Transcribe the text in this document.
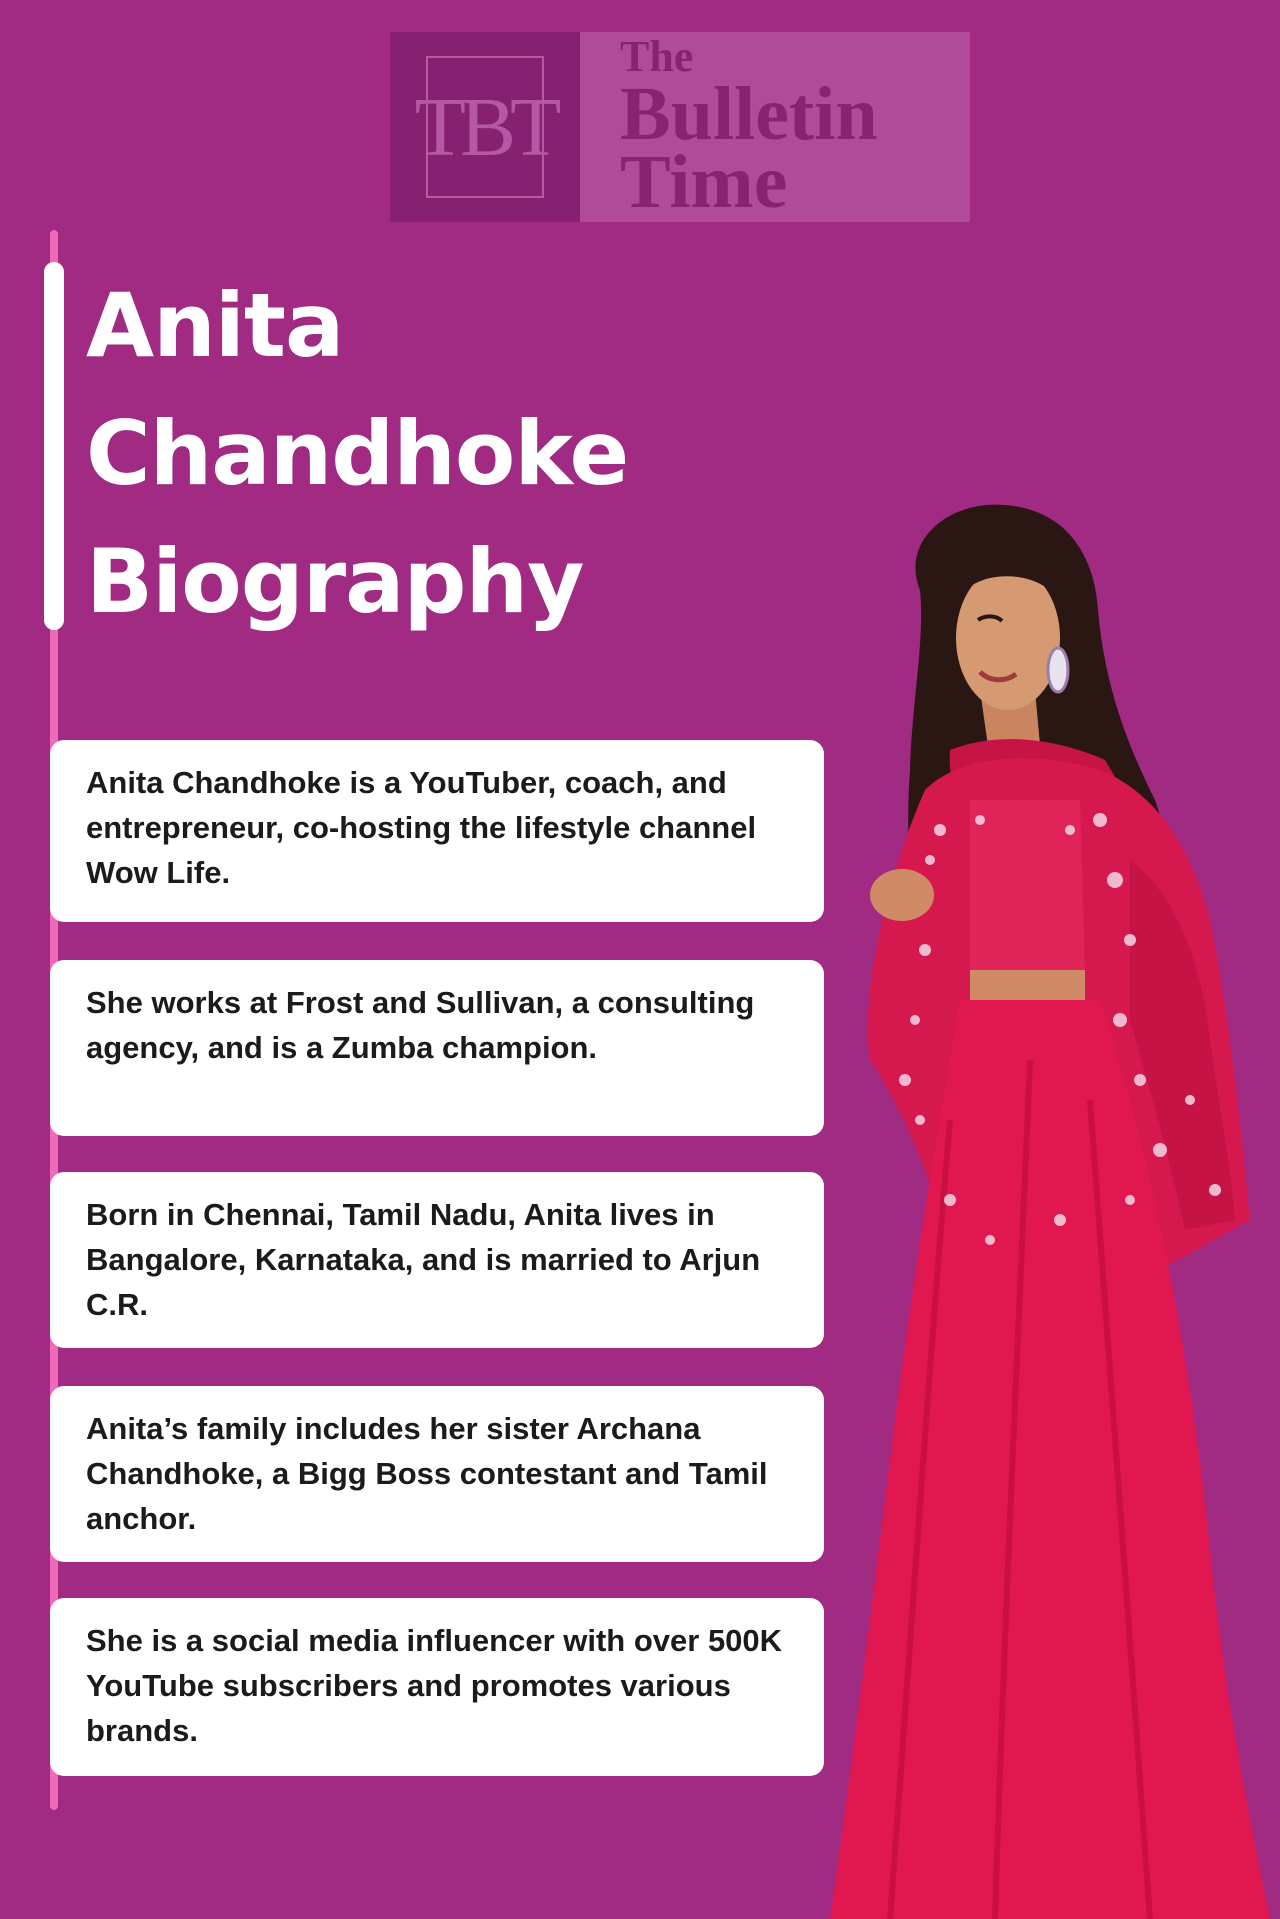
TBT
The
Bulletin
Time
Anita
Chandhoke
Biography

Anita Chandhoke is a YouTuber, coach, and entrepreneur, co-hosting the lifestyle channel Wow Life.

She works at Frost and Sullivan, a consulting agency, and is a Zumba champion.

Born in Chennai, Tamil Nadu, Anita lives in Bangalore, Karnataka, and is married to Arjun C.R.

Anita’s family includes her sister Archana Chandhoke, a Bigg Boss contestant and Tamil anchor.

She is a social media influencer with over 500K YouTube subscribers and promotes various brands.
